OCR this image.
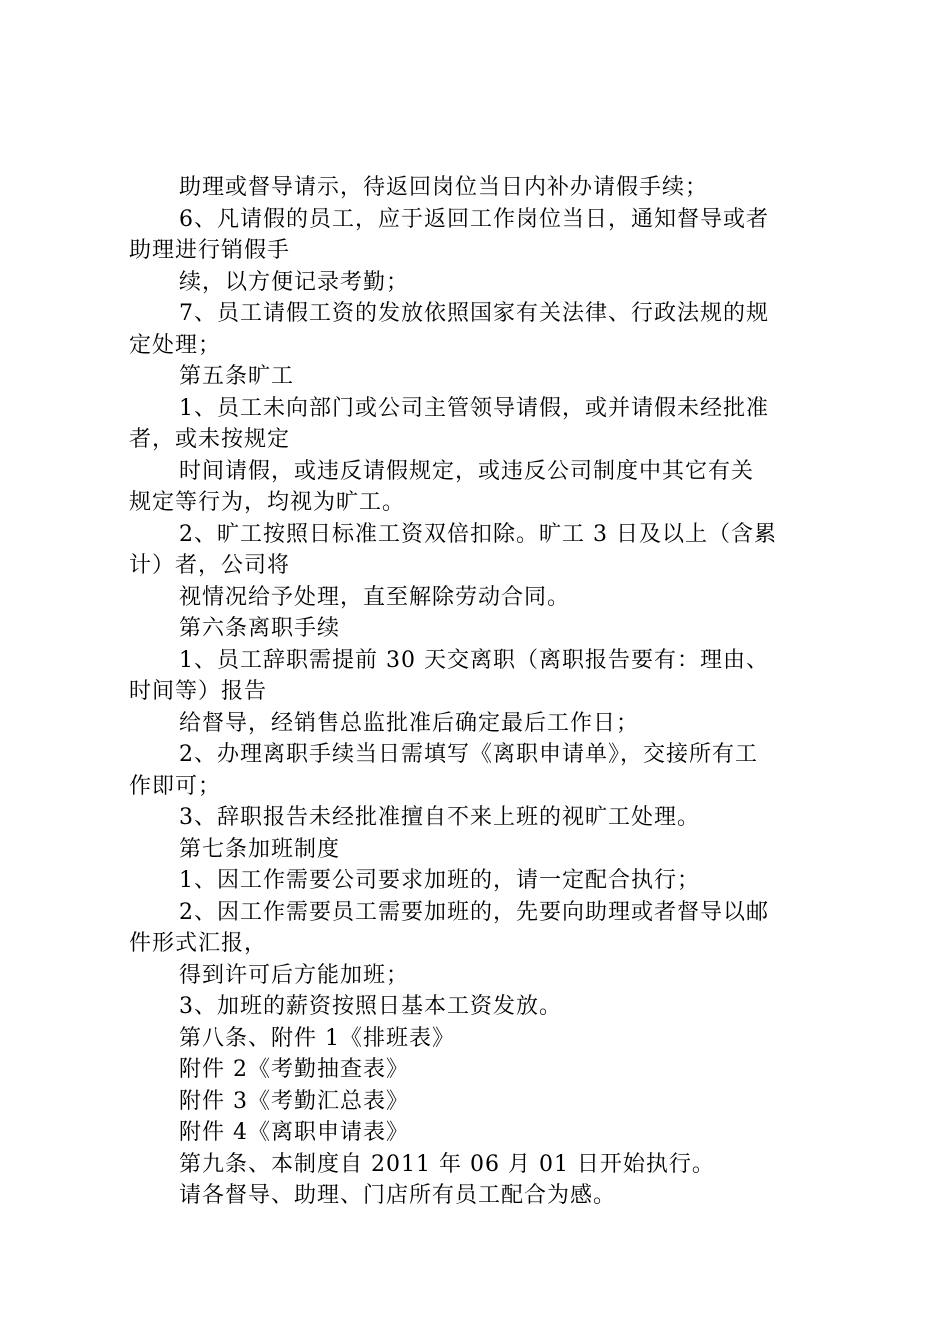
助理或督导请示，待返回岗位当日内补办请假手续；
6、凡请假的员工，应于返回工作岗位当日，通知督导或者
助理进行销假手
续，以方便记录考勤；
7、员工请假工资的发放依照国家有关法律、行政法规的规
定处理；
第五条旷工
1、员工未向部门或公司主管领导请假，或并请假未经批准
者，或未按规定
时间请假，或违反请假规定，或违反公司制度中其它有关
规定等行为，均视为旷工。
2、旷工按照日标准工资双倍扣除。旷工 3 日及以上（含累
计）者，公司将
视情况给予处理，直至解除劳动合同。
第六条离职手续
1、员工辞职需提前 30 天交离职（离职报告要有：理由、
时间等）报告
给督导，经销售总监批准后确定最后工作日；
2、办理离职手续当日需填写《离职申请单》，交接所有工
作即可；
3、辞职报告未经批准擅自不来上班的视旷工处理。
第七条加班制度
1、因工作需要公司要求加班的，请一定配合执行；
2、因工作需要员工需要加班的，先要向助理或者督导以邮
件形式汇报，
得到许可后方能加班；
3、加班的薪资按照日基本工资发放。
第八条、附件 1《排班表》
附件 2《考勤抽查表》
附件 3《考勤汇总表》
附件 4《离职申请表》
第九条、本制度自 2011 年 06 月 01 日开始执行。
请各督导、助理、门店所有员工配合为感。
